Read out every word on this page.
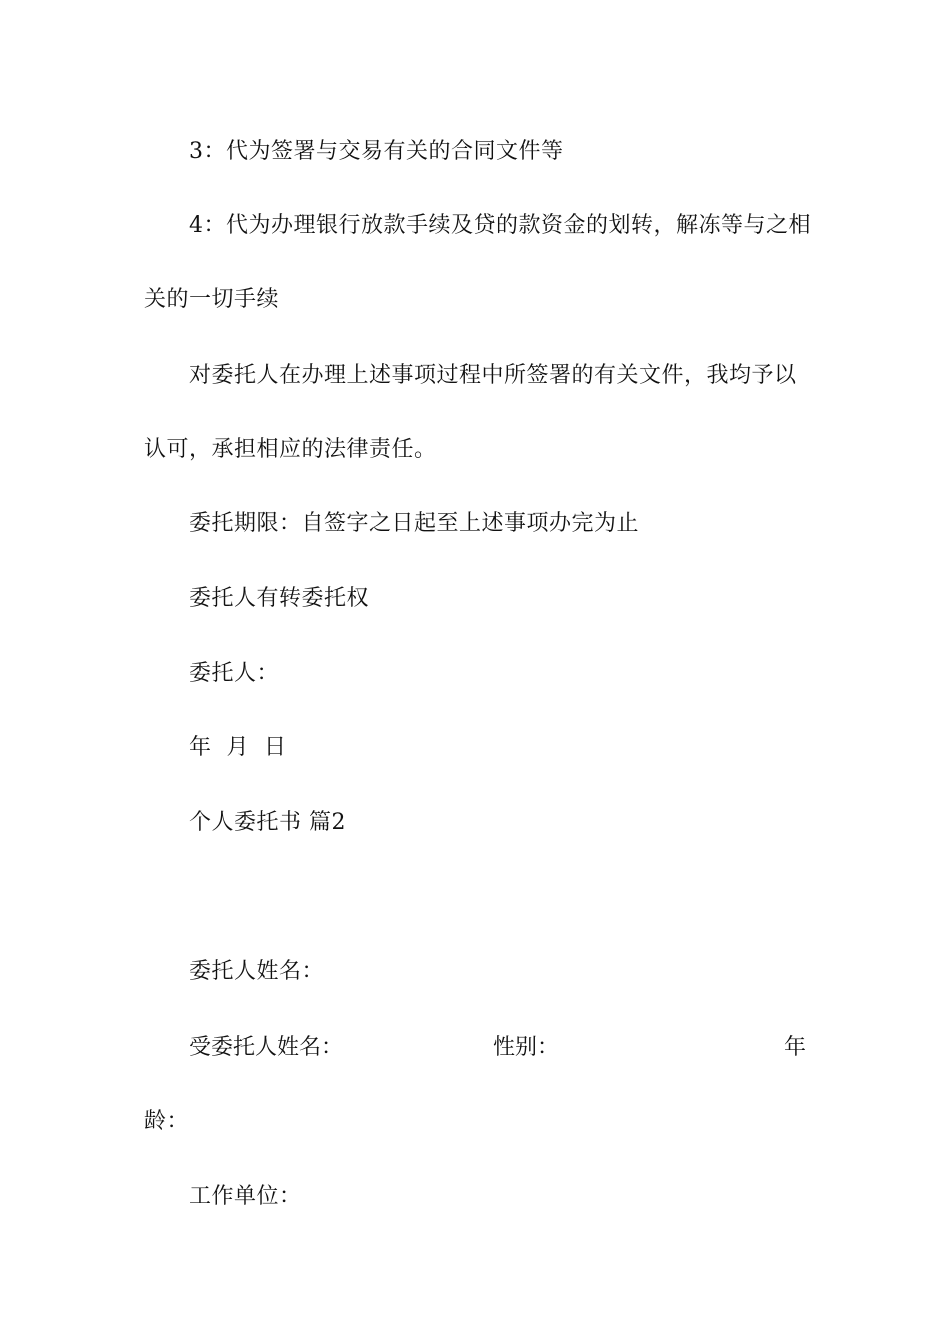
3：代为签署与交易有关的合同文件等
4：代为办理银行放款手续及贷的款资金的划转，解冻等与之相
关的一切手续
对委托人在办理上述事项过程中所签署的有关文件，我均予以
认可，承担相应的法律责任。
委托期限：自签字之日起至上述事项办完为止
委托人有转委托权
委托人：
年  月  日
个人委托书 篇2
委托人姓名：
受委托人姓名：	性别：	年
龄：
工作单位：
